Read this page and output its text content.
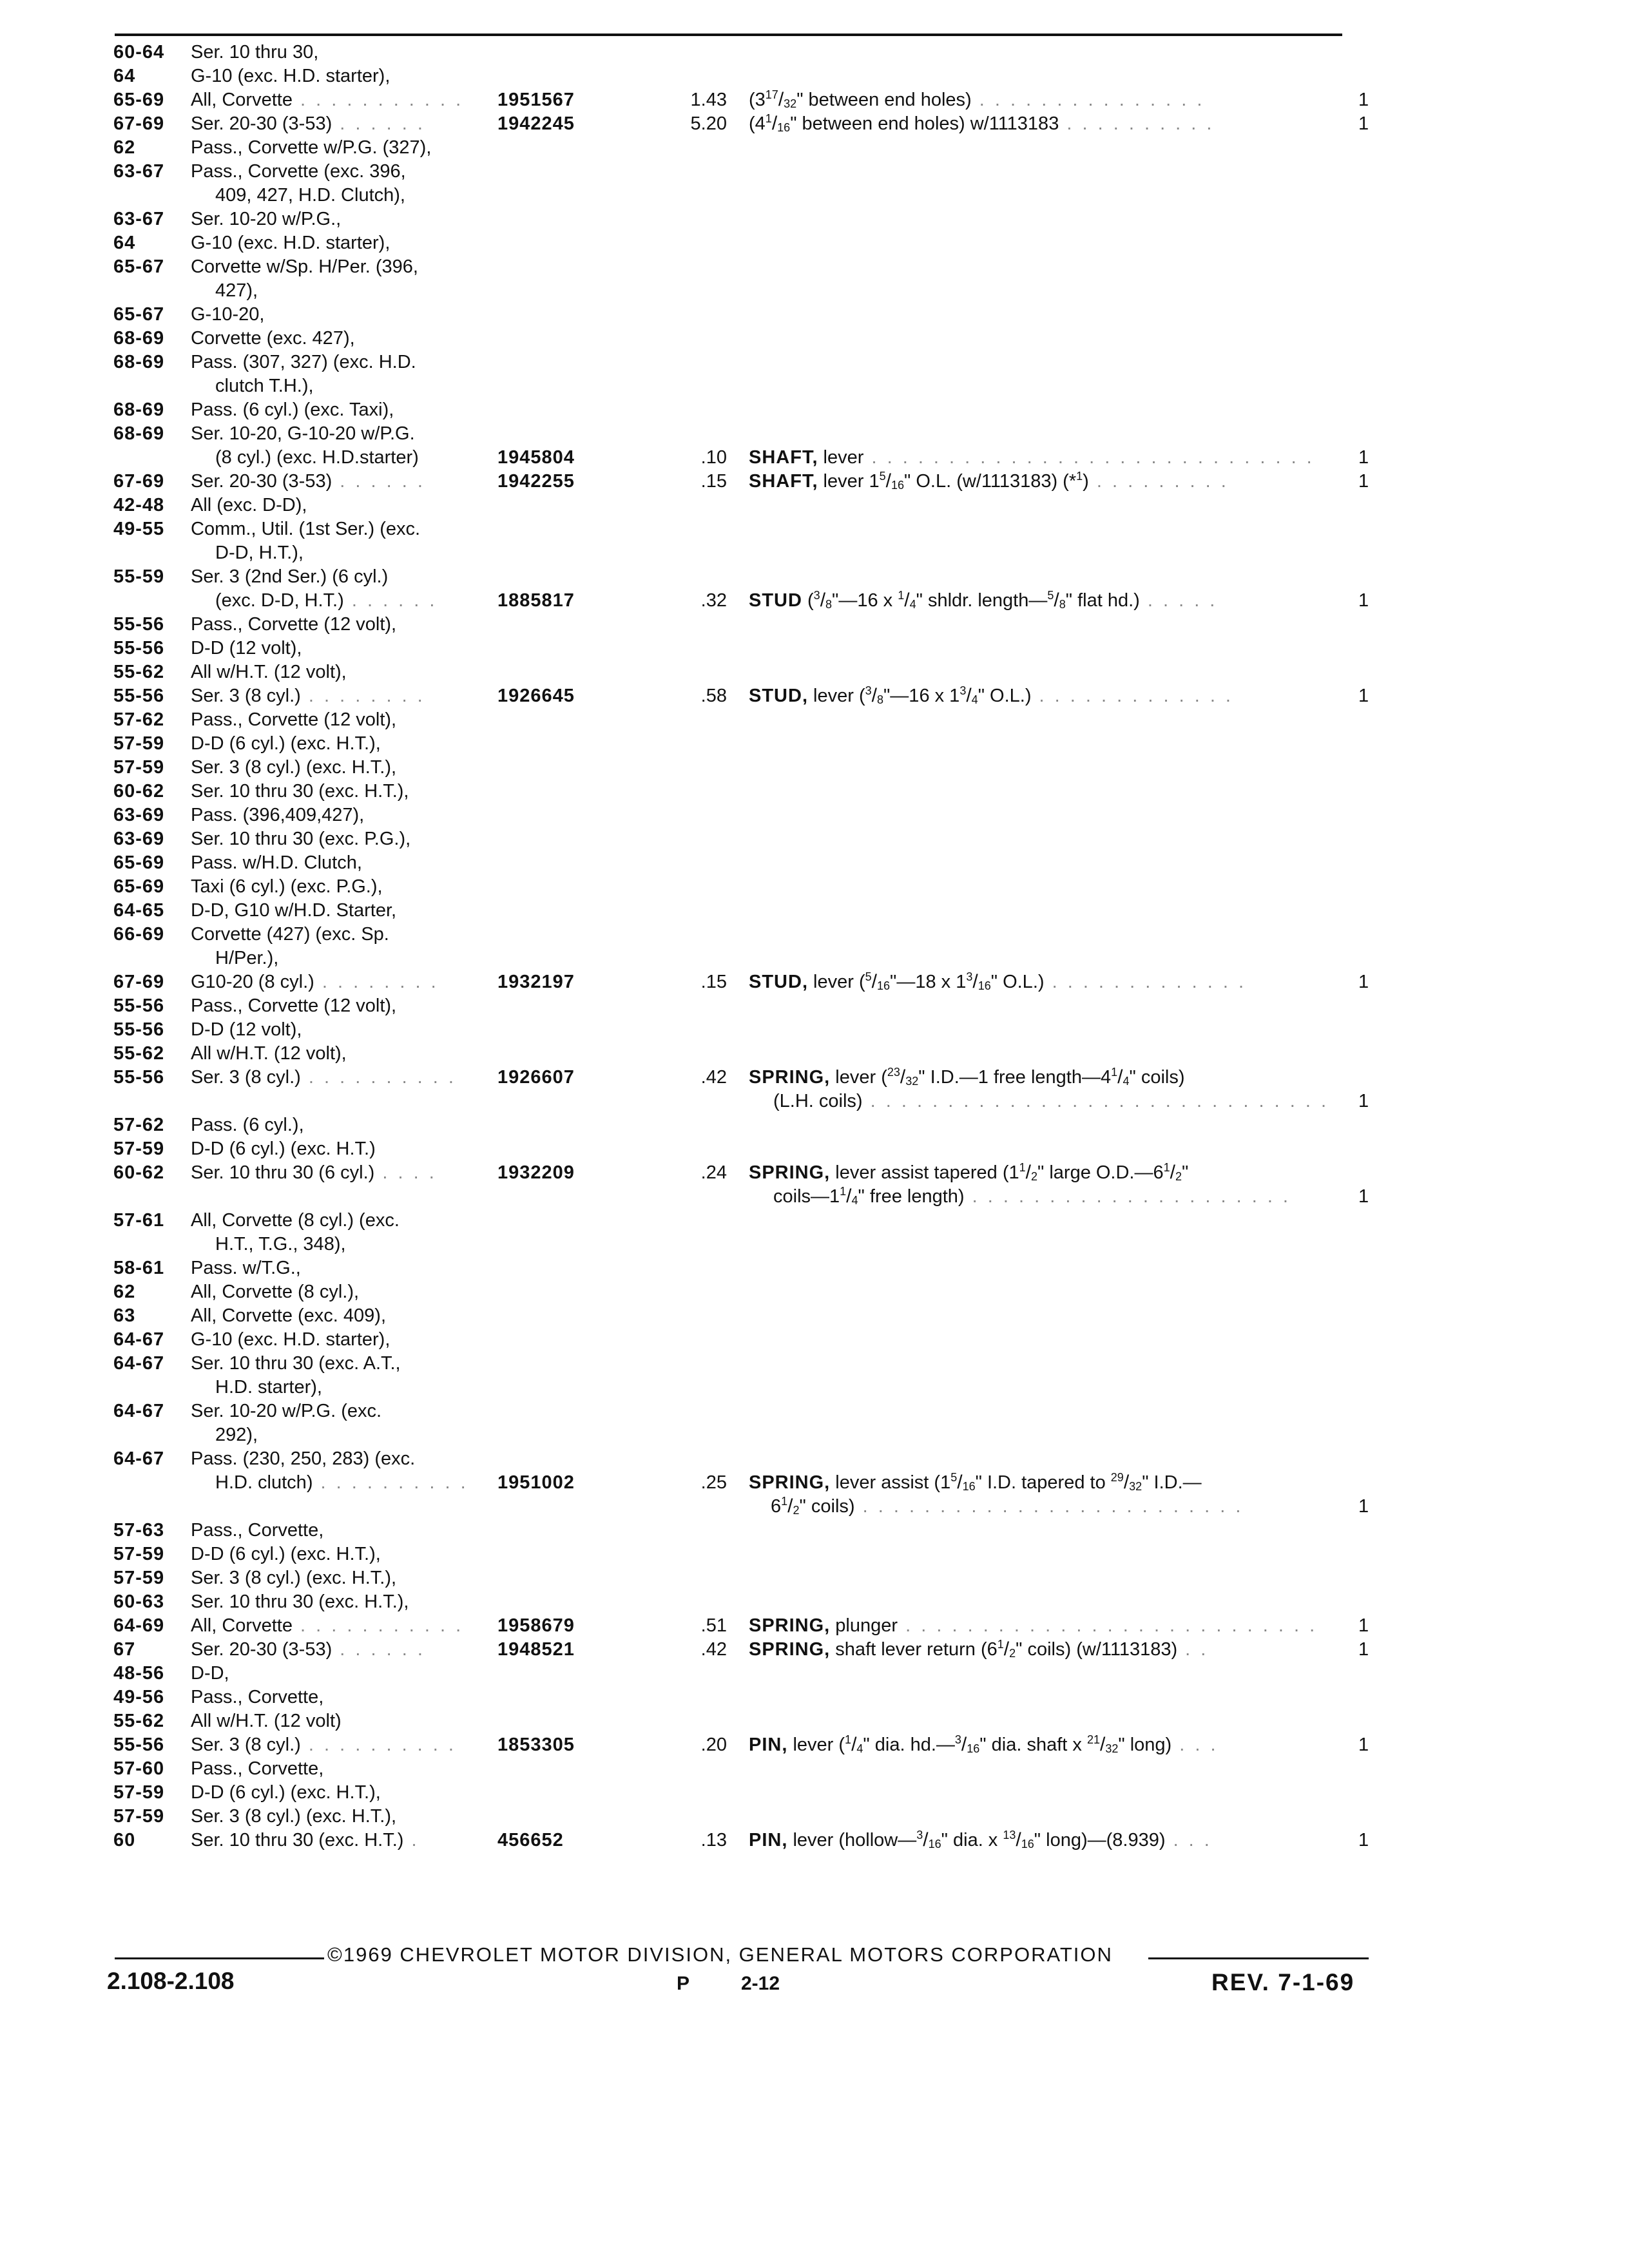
60-64 Ser. 10 thru 30,
64	G-10 (exc. H.D. starter),
65-69 All, Corvette . . . . . . . . . . . 1951567	1.43 ($3^{17}/_{32}$" between end holes) . . . . . . . . . . . . . . .	1
67-69 Ser. 20-30 (3-53) . . . . . .	1942245	5.20 ($4^1/_{16}$" between end holes) w/1113183 . . . . . . . . . .	1
62	Pass., Corvette w/P.G. (327),
63-67 Pass., Corvette (exc. 396,
409, 427, H.D. Clutch),
63-67 Ser. 10-20 w/P.G.,
64	G-10 (exc. H.D. starter),
65-67 Corvette w/Sp. H/Per. (396,
427),
65-67 G-10-20,
68-69 Corvette (exc. 427),
68-69 Pass. (307, 327) (exc. H.D.
clutch T.H.),
68-69 Pass. (6 cyl.) (exc. Taxi),
68-69 Ser. 10-20, G-10-20 w/P.G.
(8 cyl.) (exc. H.D.starter)	1945804	.10 SHAFT, lever . . . . . . . . . . . . . . . . . . . . . . . . . . . . . 1
67-69 Ser. 20-30 (3-53) . . . . . .	1942255	.15 SHAFT, lever $1^5/_{16}$" O.L. (w/1113183) (*$^1$) . . . . . . . . .	1
42-48 All (exc. D-D),
49-55 Comm., Util. (1st Ser.) (exc.
D-D, H.T.),
55-59 Ser. 3 (2nd Ser.) (6 cyl.)
(exc. D-D, H.T.) . . . . . .	1885817	.32 STUD ($^3/_8"—16$ x $^1/_4$" shldr. $length—^5/_8$" flat hd.) . . . . .	1
55-56 Pass., Corvette (12 volt),
55-56 D-D (12 volt),
55-62 All w/H.T. (12 volt),
55-56 Ser. 3 (8 cyl.) . . . . . . . .	1926645	.58 STUD, lever ($^3/_8"—16$ x $1^3/_4$" O.L.) . . . . . . . . . . . . .	1
57-62 Pass., Corvette (12 volt),
57-59 D-D (6 cyl.) (exc. H.T.),
57-59 Ser. 3 (8 cyl.) (exc. H.T.),
60-62 Ser. 10 thru 30 (exc. H.T.),
63-69 Pass. (396,409,427),
63-69 Ser. 10 thru 30 (exc. P.G.),
65-69 Pass. w/H.D. Clutch,
65-69 Taxi (6 cyl.) (exc. P.G.),
64-65 D-D, G10 w/H.D. Starter,
66-69 Corvette (427) (exc. Sp.
H/Per.),
67-69 G10-20 (8 cyl.) . . . . . . . .	1932197	.15 STUD, lever ($^5/_{16}"—18$ x $1^3/_{16}$" O.L.) . . . . . . . . . . . . .	1
55-56 Pass., Corvette (12 volt),
55-56 D-D (12 volt),
55-62 All w/H.T. (12 volt),
55-56 Ser. 3 (8 cyl.) . . . . . . . . . . 1926607	.42 SPRING, lever ($^{23}/_{32}$" I.D.—1 free $length—4^1/_4$" coils)
(L.H. coils) . . . . . . . . . . . . . . . . . . . . . . . . . . . . . . 1
57-62 Pass. (6 cyl.),
57-59 D-D (6 cyl.) (exc. H.T.)
60-62 Ser. 10 thru 30 (6 cyl.) . . . .	1932209	.24 SPRING, lever assist tapered ($1^1/_2$" large $O.D.—6^1/_2$"
$coils—1^1/_4$" free length) . . . . . . . . . . . . . . . . . . . . .	1
57-61 All, Corvette (8 cyl.) (exc.
H.T., T.G., 348),
58-61 Pass. w/T.G.,
62	All, Corvette (8 cyl.),
63	All, Corvette (exc. 409),
64-67 G-10 (exc. H.D. starter),
64-67 Ser. 10 thru 30 (exc. A.T.,
H.D. starter),
64-67 Ser. 10-20 w/P.G. (exc.
292),
64-67 Pass. (230, 250, 283) (exc.
H.D. clutch) . . . . . . . . . . 1951002	.25 SPRING, lever assist ($1^5/_{16}$" I.D. tapered to $^{29}/_{32}$" I.D.—
$6^1/_2$" coils) . . . . . . . . . . . . . . . . . . . . . . . . .	1
57-63 Pass., Corvette,
57-59 D-D (6 cyl.) (exc. H.T.),
57-59 Ser. 3 (8 cyl.) (exc. H.T.),
60-63 Ser. 10 thru 30 (exc. H.T.),
64-69 All, Corvette . . . . . . . . . . . 1958679	.51 SPRING, plunger . . . . . . . . . . . . . . . . . . . . . . . . . . . 1
67	Ser. 20-30 (3-53) . . . . . .	1948521	.42 SPRING, shaft lever return ($6^1/_2$" coils) (w/1113183) . .	1
48-56 D-D,
49-56 Pass., Corvette,
55-62 All w/H.T. (12 volt)
55-56 Ser. 3 (8 cyl.) . . . . . . . . . . 1853305	.20 PIN, lever ($^1/_4$" dia. $hd.—^3/_{16}$" dia. shaft x $^{21}/_{32}$" long) . . .	1
57-60 Pass., Corvette,
57-59 D-D (6 cyl.) (exc. H.T.),
57-59 Ser. 3 (8 cyl.) (exc. H.T.),
60	Ser. 10 thru 30 (exc. H.T.) .	456652	.13 PIN, lever ($hollow—^3/_{16}$" dia. x $^{13}/_{16}$" long)—(8.939) . . .	1
©1969 CHEVROLET MOTOR DIVISION, GENERAL MOTORS CORPORATION
2.108-2.108	P	2-12	REV. 7-1-69
